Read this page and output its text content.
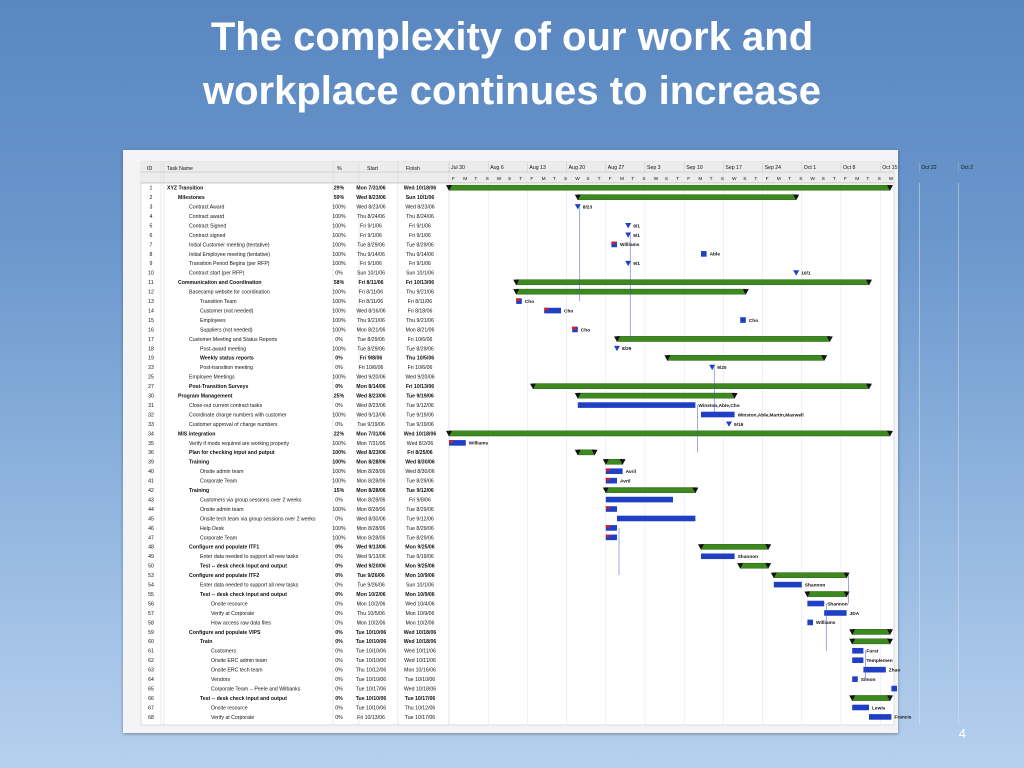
The complexity of our work and
workplace continues to increase
ID	Task Name	%	Start	Finish	Jul 30	Aug 6	Aug 13	Aug 20	Aug 27	Sep 3	Sep 10	Sep 17	Sep 24	Oct 1	Oct 8	Oct 15	Oct 22	Oct 2
F M T S W S T F M T S W S T F M T S W S T F M T S W S T F M T S W S T F M T S W
1	XYZ Transition	29% Mon 7/31/06	Wed 10/18/06
2	Milestones	59% Wed 8/23/06	Sun 10/1/06
3	Contract Award	100% Wed 8/23/06	Wed 8/23/06	8/23
4	Contract award	100% Thu 8/24/06	Thu 8/24/06
5	Contract Signed	100%	Fri 9/1/06	Fri 9/1/06	9/1
6	Contract signed	100%	Fri 9/1/06	Fri 9/1/06	9/1
7	Initial Customer meeting (tentative)	100% Tue 8/29/06	Tue 8/29/06	Williams
8	Initial Employee meeting (tentative)	100% Thu 9/14/06	Thu 9/14/06	Able
9	Transition Period Begins (per RFP)	100%	Fri 9/1/06	Fri 9/1/06	9/1
10	Contract start (per RFP)	0%	Sun 10/1/06	Sun 10/1/06	10/1
11	Communication and Coordination	58%	Fri 8/11/06	Fri 10/13/06
12	Basecamp website for coordination	100%	Fri 8/11/06	Thu 9/21/06
13	Transition Team	100%	Fri 8/11/06	Fri 8/11/06	Cho
14	Customer (not needed)	100% Wed 8/16/06	Fri 8/18/06	Cho
15	Employees	100% Thu 9/21/06	Thu 9/21/06	Cho
16	Suppliers (not needed)	100% Mon 8/21/06	Mon 8/21/06	Cho
17	Customer Meeting and Status Reports	0%	Tue 8/29/06	Fri 10/6/06
18	Post-award meeting	100% Tue 8/29/06	Tue 8/29/06	8/29
19	Weekly status reports	0%	Fri 9/8/06	Thu 10/5/06
23	Post-transition meeting	0%	Fri 10/6/06	Fri 10/6/06	9/20
25	Employee Meetings	100% Wed 9/20/06	Wed 9/20/06
27	Post-Transition Surveys	0%	Mon 8/14/06	Fri 10/13/06
30	Program Management	25% Wed 8/23/06	Tue 9/19/06
31	Close-out current contract tasks	0%	Wed 8/23/06	Tue 9/12/06	Winston,Able,Cho
32	Coordinate charge numbers with customer	100% Wed 9/13/06	Tue 9/19/06	Winston,Able,Martin,Maxwell
33	Customer approval of charge numbers	0%	Tue 9/19/06	Tue 9/19/06	9/19
34	MIS integration	22% Mon 7/31/06	Wed 10/18/06
35	Verify if mods required are working properly	100% Mon 7/31/06	Wed 8/2/06	Williams
36	Plan for checking input and putput	100% Wed 8/23/06	Fri 8/25/06
39	Training	100% Mon 8/28/06	Wed 8/30/06
40	Onsite admin team	100% Mon 8/28/06	Wed 8/30/06	Avril
41	Corporate Team	100% Mon 8/28/06	Tue 8/29/06	Avril
42	Training	15% Mon 8/28/06	Tue 9/12/06
43	Customers via group sessions over 2 weeks	0%	Mon 8/28/06	Fri 9/8/06
44	Onsite admin team	100% Mon 8/28/06	Tue 8/29/06
45	Onsite tech team via group sessions over 2 weeks	0%	Wed 8/30/06	Tue 9/12/06
46	Help Desk	100% Mon 8/28/06	Tue 8/29/06
47	Corporate Team	100% Mon 8/28/06	Tue 8/29/06
48	Configure and populate ITF1	0%	Wed 9/13/06	Mon 9/25/06
49	Enter data needed to support all new tasks	0%	Wed 9/13/06	Tue 9/19/06	Shannon
50	Test -- desk check input and output	0%	Wed 9/20/06	Mon 9/25/06
53	Configure and populate ITF2	0%	Tue 9/26/06	Mon 10/9/06
54	Enter data needed to support all new tasks	0%	Tue 9/26/06	Sun 10/1/06	Shannon
55	Test -- desk check input and output	0%	Mon 10/2/06	Mon 10/9/06
56	Onsite resource	0%	Mon 10/2/06	Wed 10/4/06	Shannon
57	Verify at Corporate	0%	Thu 10/5/06	Mon 10/9/06	JDA
58	How access raw data files	0%	Mon 10/2/06	Mon 10/2/06	Williams
59	Configure and populate VIPS	0%	Tue 10/10/06	Wed 10/18/06
60	Train	0%	Tue 10/10/06	Wed 10/18/06
61	Customers	0%	Tue 10/10/06	Wed 10/11/06	Furst
62	Onsite ERC admin team	0%	Tue 10/10/06	Wed 10/11/06	Templemen
63	Onsite ERC tech team	0% Thu 10/12/06	Mon 10/16/06	Zhao
64	Vendors	0%	Tue 10/10/06	Tue 10/10/06	Simon
65	Corporate Team -- Peele and Wilbanks	0%	Tue 10/17/06	Wed 10/18/06
66	Test -- desk check input and output	0%	Tue 10/10/06	Tue 10/17/06
67	Onsite resource	0%	Tue 10/10/06	Thu 10/12/06	Lewis
68	Verify at Corporate	0%	Fri 10/13/06	Tue 10/17/06	Francis
4
